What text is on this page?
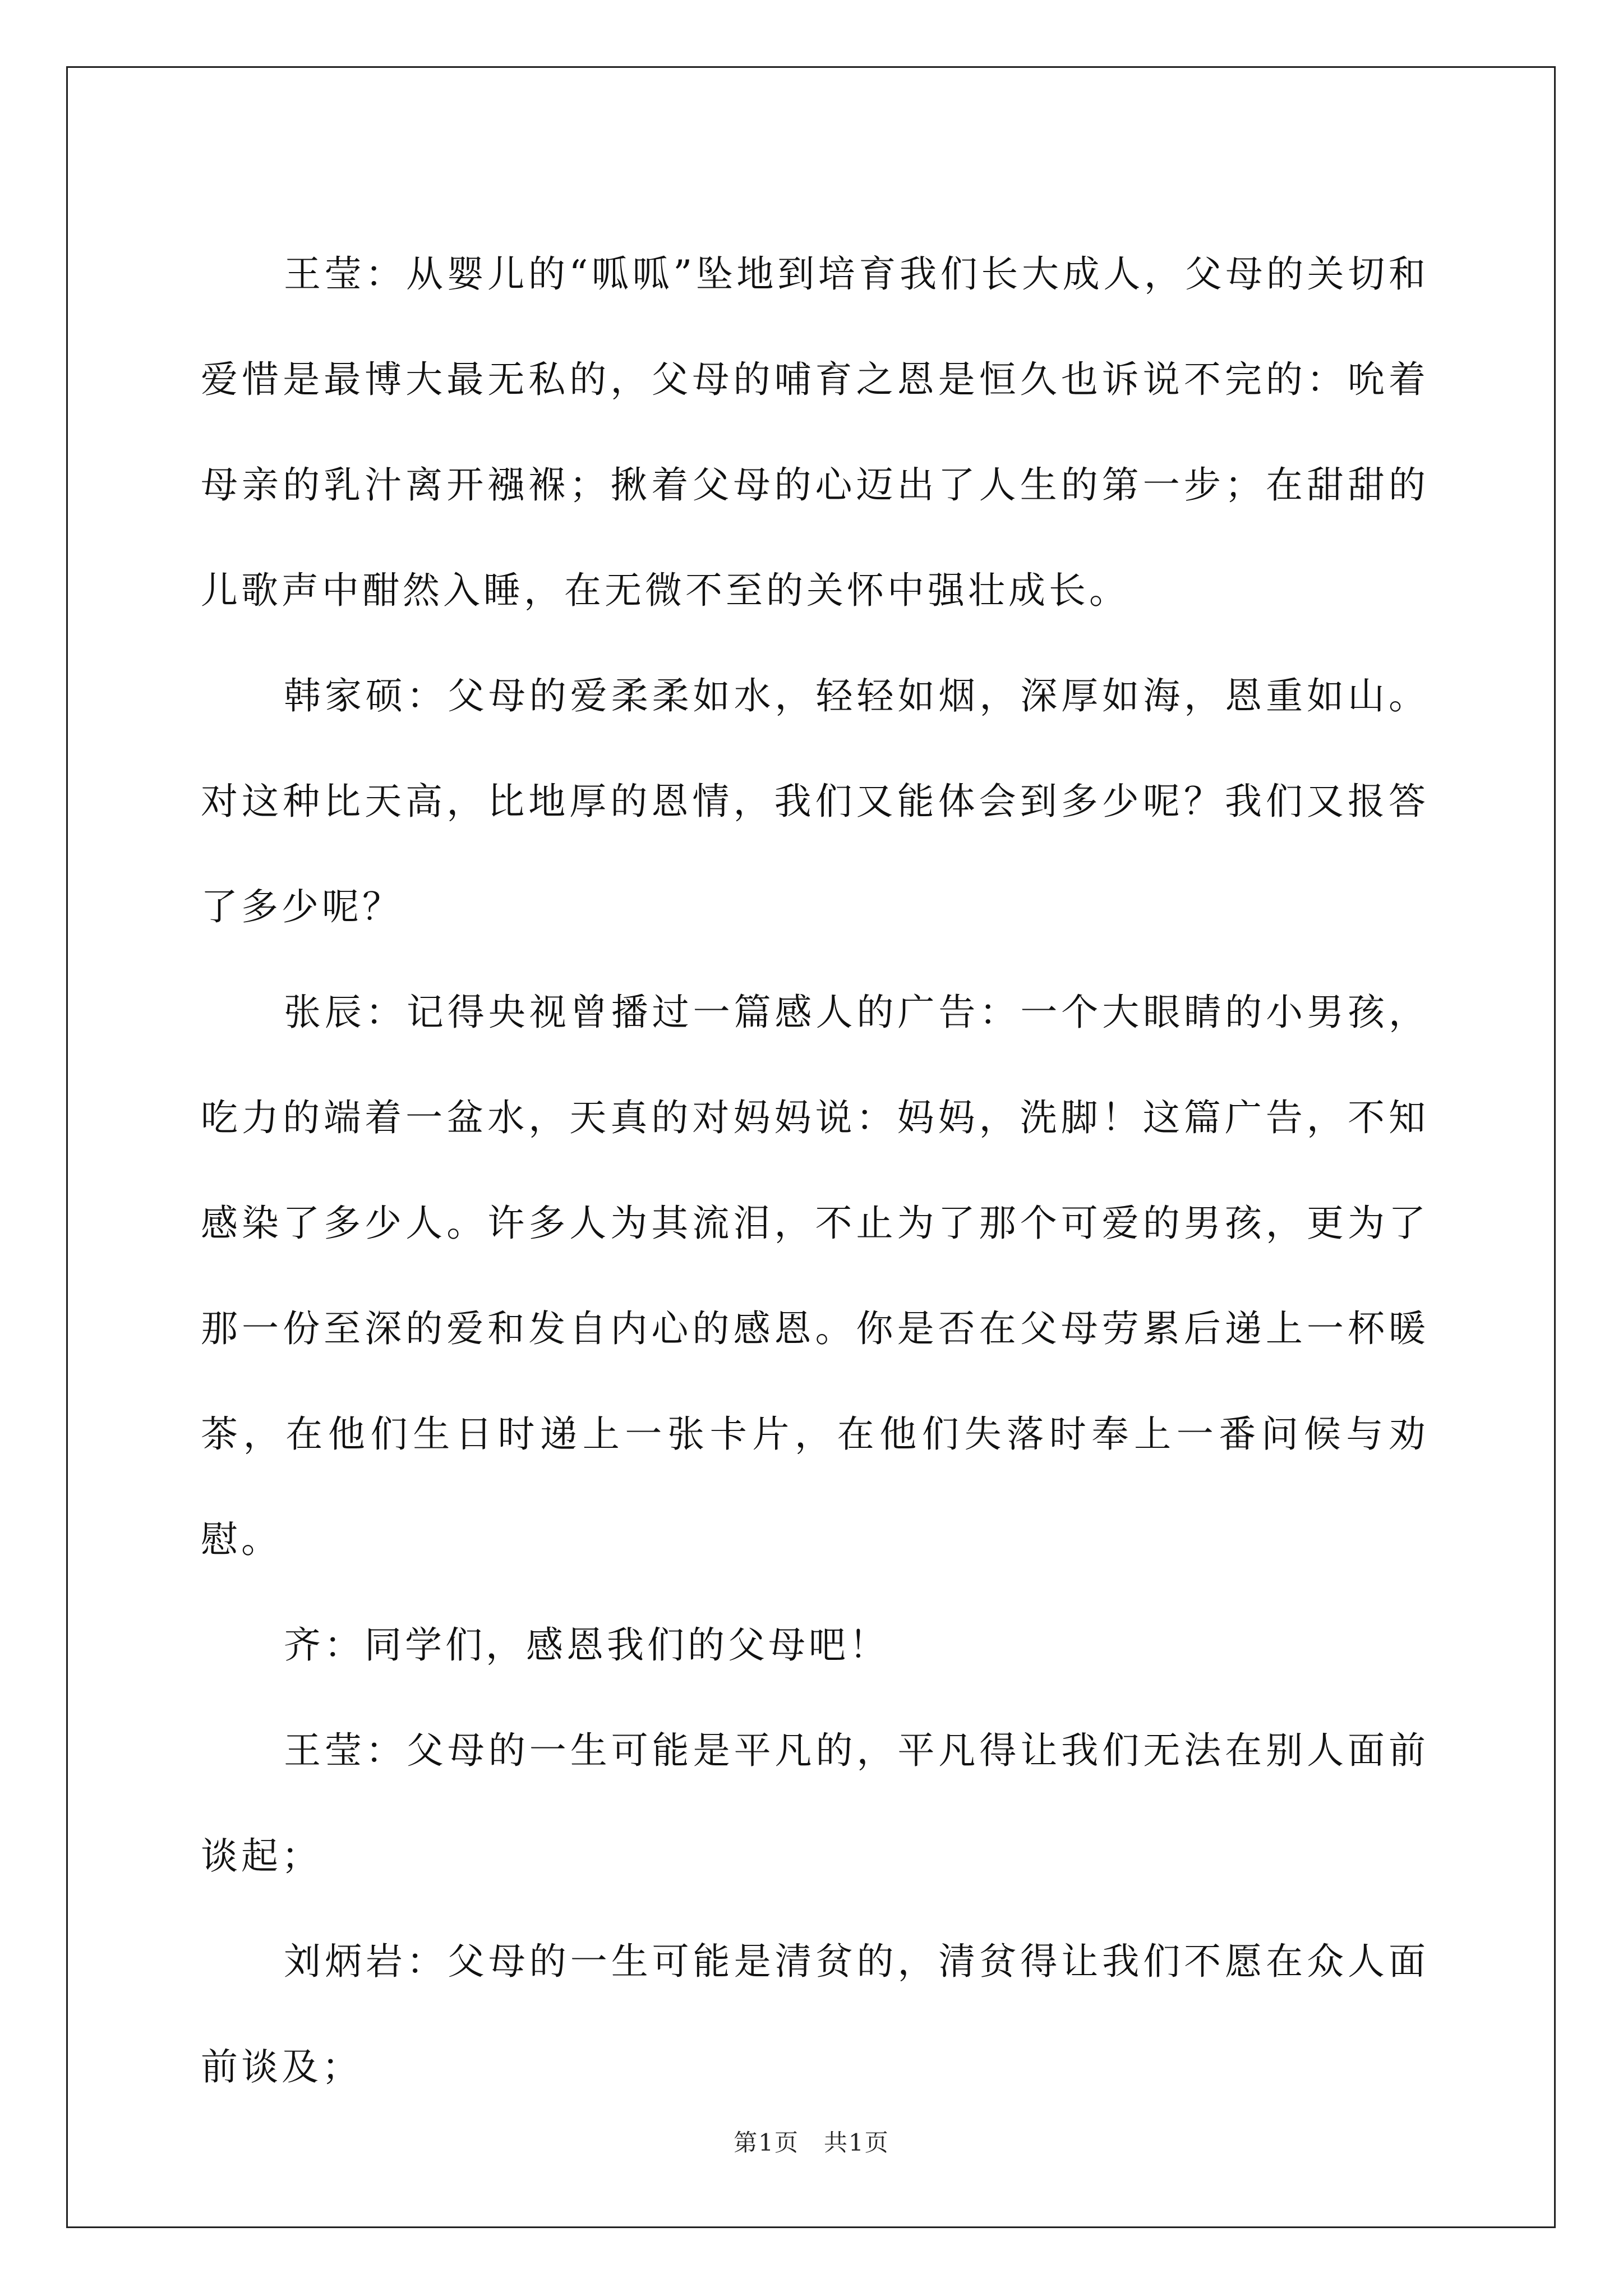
王莹：从婴儿的“呱呱”坠地到培育我们长大成人，父母的关切和爱惜是最博大最无私的，父母的哺育之恩是恒久也诉说不完的：吮着母亲的乳汁离开襁褓；揪着父母的心迈出了人生的第一步；在甜甜的儿歌声中酣然入睡，在无微不至的关怀中强壮成长。

韩家硕：父母的爱柔柔如水，轻轻如烟，深厚如海，恩重如山。对这种比天高，比地厚的恩情，我们又能体会到多少呢？我们又报答了多少呢？

张辰：记得央视曾播过一篇感人的广告：一个大眼睛的小男孩，吃力的端着一盆水，天真的对妈妈说：妈妈，洗脚！这篇广告，不知感染了多少人。许多人为其流泪，不止为了那个可爱的男孩，更为了那一份至深的爱和发自内心的感恩。你是否在父母劳累后递上一杯暖茶，在他们生日时递上一张卡片，在他们失落时奉上一番问候与劝慰。

齐：同学们，感恩我们的父母吧！

王莹：父母的一生可能是平凡的，平凡得让我们无法在别人面前谈起；

刘炳岩：父母的一生可能是清贫的，清贫得让我们不愿在众人面前谈及；

第1页　共1页
